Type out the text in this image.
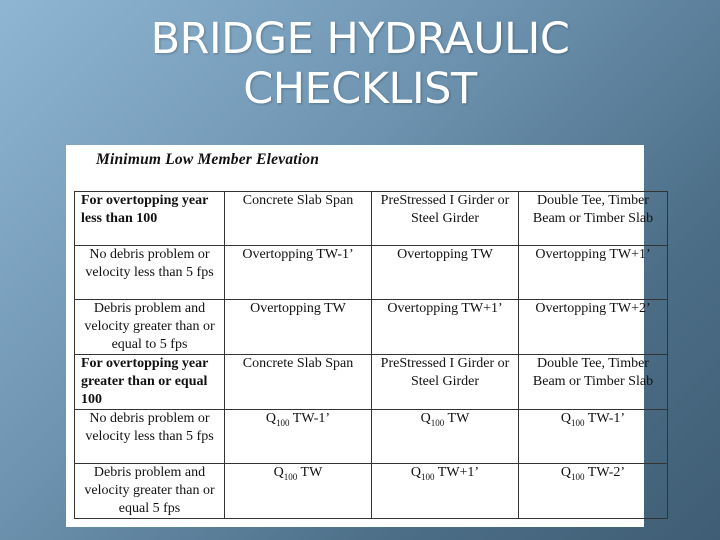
BRIDGE HYDRAULIC
CHECKLIST
Minimum Low Member Elevation
For overtopping year less than 100	Concrete Slab Span	PreStressed I Girder or Steel Girder	Double Tee, Timber Beam or Timber Slab
No debris problem or velocity less than 5 fps	Overtopping TW-1’	Overtopping TW	Overtopping TW+1’
Debris problem and velocity greater than or equal to 5 fps	Overtopping TW	Overtopping TW+1’	Overtopping TW+2’
For overtopping year greater than or equal 100	Concrete Slab Span	PreStressed I Girder or Steel Girder	Double Tee, Timber Beam or Timber Slab
No debris problem or velocity less than 5 fps	$Q_{100}$ TW-1’	$Q_{100}$ TW	$Q_{100}$ TW-1’
Debris problem and velocity greater than or equal 5 fps	$Q_{100}$ TW	$Q_{100}$ TW+1’	$Q_{100}$ TW-2’
